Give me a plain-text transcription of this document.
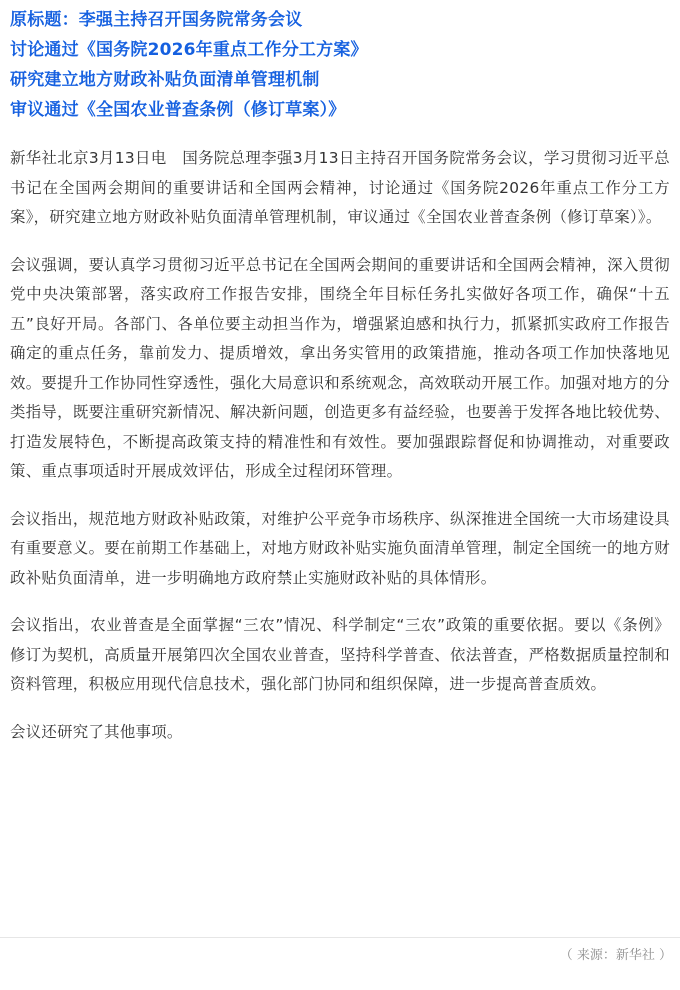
原标题：李强主持召开国务院常务会议
讨论通过《国务院2026年重点工作分工方案》
研究建立地方财政补贴负面清单管理机制
审议通过《全国农业普查条例（修订草案）》

新华社北京3月13日电　国务院总理李强3月13日主持召开国务院常务会议，学习贯彻习近平总书记在全国两会期间的重要讲话和全国两会精神，讨论通过《国务院2026年重点工作分工方案》，研究建立地方财政补贴负面清单管理机制，审议通过《全国农业普查条例（修订草案）》。

会议强调，要认真学习贯彻习近平总书记在全国两会期间的重要讲话和全国两会精神，深入贯彻党中央决策部署，落实政府工作报告安排，围绕全年目标任务扎实做好各项工作，确保“十五五”良好开局。各部门、各单位要主动担当作为，增强紧迫感和执行力，抓紧抓实政府工作报告确定的重点任务，靠前发力、提质增效，拿出务实管用的政策措施，推动各项工作加快落地见效。要提升工作协同性穿透性，强化大局意识和系统观念，高效联动开展工作。加强对地方的分类指导，既要注重研究新情况、解决新问题，创造更多有益经验，也要善于发挥各地比较优势、打造发展特色，不断提高政策支持的精准性和有效性。要加强跟踪督促和协调推动，对重要政策、重点事项适时开展成效评估，形成全过程闭环管理。

会议指出，规范地方财政补贴政策，对维护公平竞争市场秩序、纵深推进全国统一大市场建设具有重要意义。要在前期工作基础上，对地方财政补贴实施负面清单管理，制定全国统一的地方财政补贴负面清单，进一步明确地方政府禁止实施财政补贴的具体情形。

会议指出，农业普查是全面掌握“三农”情况、科学制定“三农”政策的重要依据。要以《条例》修订为契机，高质量开展第四次全国农业普查，坚持科学普查、依法普查，严格数据质量控制和资料管理，积极应用现代信息技术，强化部门协同和组织保障，进一步提高普查质效。

会议还研究了其他事项。

（ 来源：新华社 ）
